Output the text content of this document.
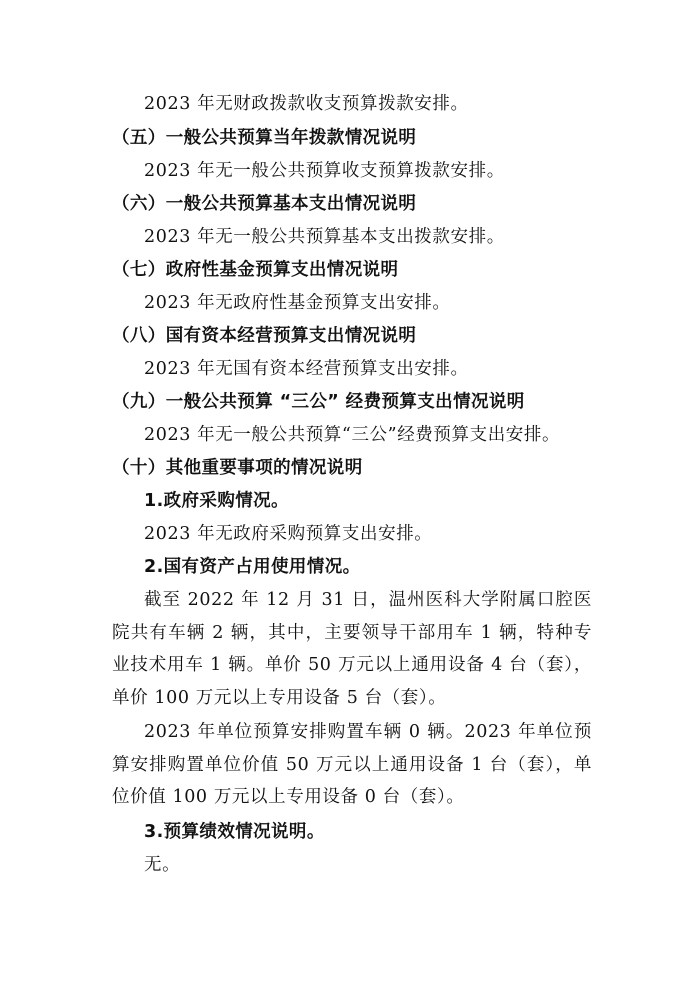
2023 年无财政拨款收支预算拨款安排。
（五）一般公共预算当年拨款情况说明
2023 年无一般公共预算收支预算拨款安排。
（六）一般公共预算基本支出情况说明
2023 年无一般公共预算基本支出拨款安排。
（七）政府性基金预算支出情况说明
2023 年无政府性基金预算支出安排。
（八）国有资本经营预算支出情况说明
2023 年无国有资本经营预算支出安排。
（九）一般公共预算 “三公” 经费预算支出情况说明
2023 年无一般公共预算“三公”经费预算支出安排。
（十）其他重要事项的情况说明
1.政府采购情况。
2023 年无政府采购预算支出安排。
2.国有资产占用使用情况。
截至 2022 年 12 月 31 日，温州医科大学附属口腔医院共有车辆 2 辆，其中，主要领导干部用车 1 辆，特种专业技术用车 1 辆。单价 50 万元以上通用设备 4 台（套），单价 100 万元以上专用设备 5 台（套）。
2023 年单位预算安排购置车辆 0 辆。2023 年单位预算安排购置单位价值 50 万元以上通用设备 1 台（套），单位价值 100 万元以上专用设备 0 台（套）。
3.预算绩效情况说明。
无。
